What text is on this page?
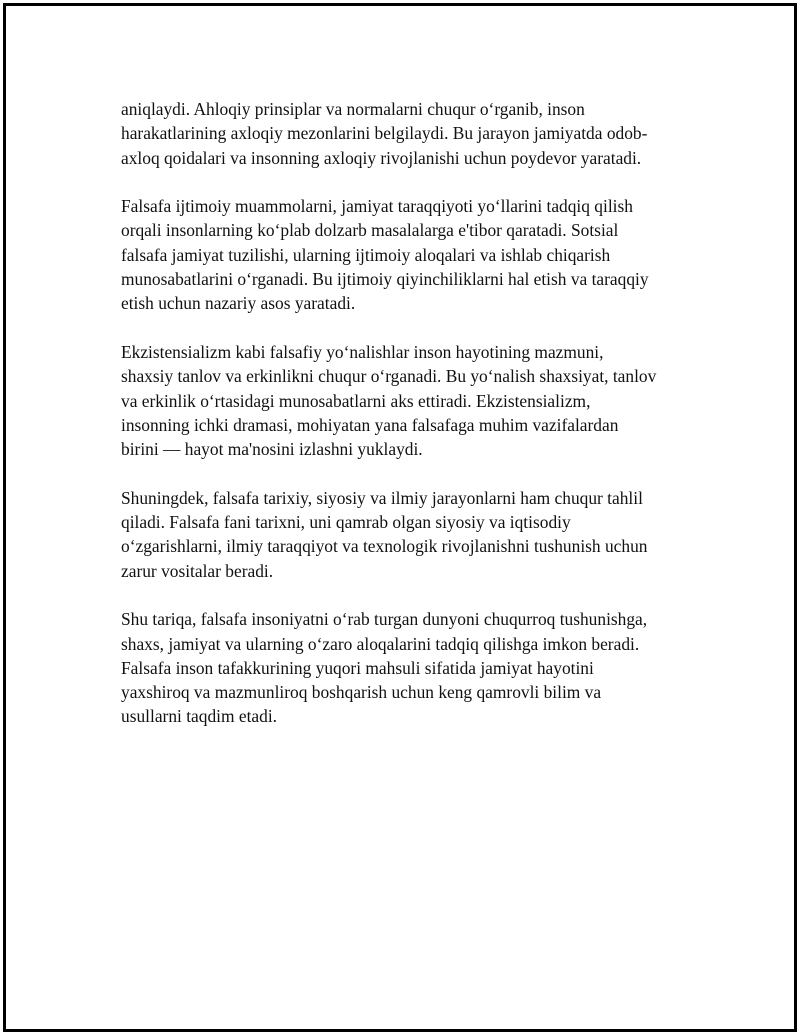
aniqlaydi. Ahloqiy prinsiplar va normalarni chuqur o‘rganib, inson
harakatlarining axloqiy mezonlarini belgilaydi. Bu jarayon jamiyatda odob-
axloq qoidalari va insonning axloqiy rivojlanishi uchun poydevor yaratadi.

Falsafa ijtimoiy muammolarni, jamiyat taraqqiyoti yo‘llarini tadqiq qilish
orqali insonlarning ko‘plab dolzarb masalalarga e'tibor qaratadi. Sotsial
falsafa jamiyat tuzilishi, ularning ijtimoiy aloqalari va ishlab chiqarish
munosabatlarini o‘rganadi. Bu ijtimoiy qiyinchiliklarni hal etish va taraqqiy
etish uchun nazariy asos yaratadi.

Ekzistensializm kabi falsafiy yo‘nalishlar inson hayotining mazmuni,
shaxsiy tanlov va erkinlikni chuqur o‘rganadi. Bu yo‘nalish shaxsiyat, tanlov
va erkinlik o‘rtasidagi munosabatlarni aks ettiradi. Ekzistensializm,
insonning ichki dramasi, mohiyatan yana falsafaga muhim vazifalardan
birini — hayot ma'nosini izlashni yuklaydi.

Shuningdek, falsafa tarixiy, siyosiy va ilmiy jarayonlarni ham chuqur tahlil
qiladi. Falsafa fani tarixni, uni qamrab olgan siyosiy va iqtisodiy
o‘zgarishlarni, ilmiy taraqqiyot va texnologik rivojlanishni tushunish uchun
zarur vositalar beradi.

Shu tariqa, falsafa insoniyatni o‘rab turgan dunyoni chuqurroq tushunishga,
shaxs, jamiyat va ularning o‘zaro aloqalarini tadqiq qilishga imkon beradi.
Falsafa inson tafakkurining yuqori mahsuli sifatida jamiyat hayotini
yaxshiroq va mazmunliroq boshqarish uchun keng qamrovli bilim va
usullarni taqdim etadi.
